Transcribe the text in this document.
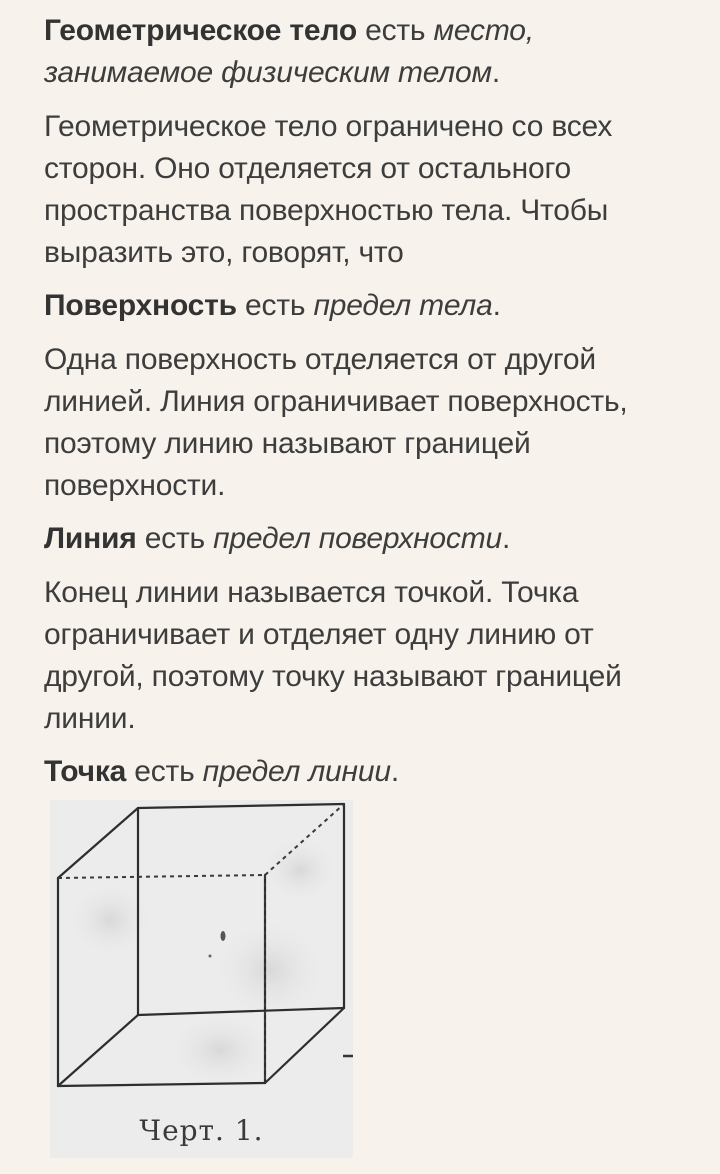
Геометрическое тело есть место, занимаемое физическим телом.

Геометрическое тело ограничено со всех сторон. Оно отделяется от остального пространства поверхностью тела. Чтобы выразить это, говорят, что

Поверхность есть предел тела.

Одна поверхность отделяется от другой линией. Линия ограничивает поверхность, поэтому линию называют границей поверхности.

Линия есть предел поверхности.

Конец линии называется точкой. Точка ограничивает и отделяет одну линию от другой, поэтому точку называют границей линии.

Точка есть предел линии.

Черт. 1.
